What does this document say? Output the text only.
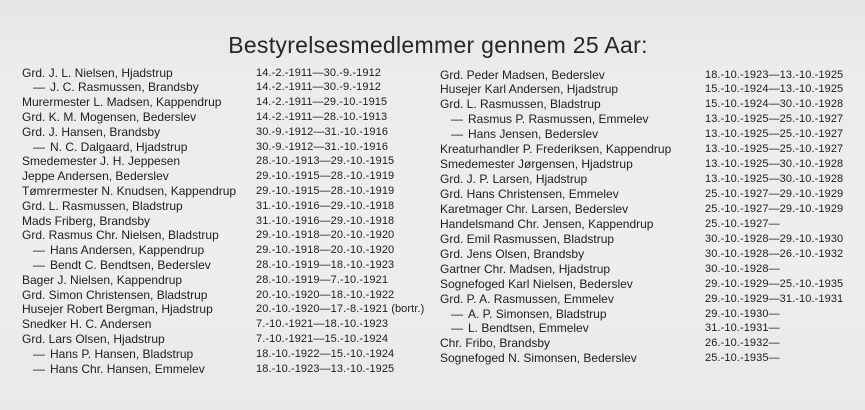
Bestyrelsesmedlemmer gennem 25 Aar:
Grd. J. L. Nielsen, Hjadstrup	14.-2.-1911—30.-9.-1912
— J. C. Rasmussen, Brandsby	14.-2.-1911—30.-9.-1912
Murermester L. Madsen, Kappendrup	14.-2.-1911—29.-10.-1915
Grd. K. M. Mogensen, Bederslev	14.-2.-1911—28.-10.-1913
Grd. J. Hansen, Brandsby	30.-9.-1912—31.-10.-1916
— N. C. Dalgaard, Hjadstrup	30.-9.-1912—31.-10.-1916
Smedemester J. H. Jeppesen	28.-10.-1913—29.-10.-1915
Jeppe Andersen, Bederslev	29.-10.-1915—28.-10.-1919
Tømrermester N. Knudsen, Kappendrup 29.-10.-1915—28.-10.-1919
Grd. L. Rasmussen, Bladstrup	31.-10.-1916—29.-10.-1918
Mads Friberg, Brandsby	31.-10.-1916—29.-10.-1918
Grd. Rasmus Chr. Nielsen, Bladstrup	29.-10.-1918—20.-10.-1920
— Hans Andersen, Kappendrup	29.-10.-1918—20.-10.-1920
— Bendt C. Bendtsen, Bederslev	28.-10.-1919—18.-10.-1923
Bager J. Nielsen, Kappendrup	28.-10.-1919—7.-10.-1921
Grd. Simon Christensen, Bladstrup	20.-10.-1920—18.-10.-1922
Husejer Robert Bergman, Hjadstrup	20.-10.-1920—17.-8.-1921 (bortr.)
Snedker H. C. Andersen	7.-10.-1921—18.-10.-1923
Grd. Lars Olsen, Hjadstrup	7.-10.-1921—15.-10.-1924
— Hans P. Hansen, Bladstrup	18.-10.-1922—15.-10.-1924
— Hans Chr. Hansen, Emmelev	18.-10.-1923—13.-10.-1925
Grd. Peder Madsen, Bederslev	18.-10.-1923—13.-10.-1925
Husejer Karl Andersen, Hjadstrup	15.-10.-1924—13.-10.-1925
Grd. L. Rasmussen, Bladstrup	15.-10.-1924—30.-10.-1928
— Rasmus P. Rasmussen, Emmelev	13.-10.-1925—25.-10.-1927
— Hans Jensen, Bederslev	13.-10.-1925—25.-10.-1927
Kreaturhandler P. Frederiksen, Kappendrup	13.-10.-1925—25.-10.-1927
Smedemester Jørgensen, Hjadstrup	13.-10.-1925—30.-10.-1928
Grd. J. P. Larsen, Hjadstrup	13.-10.-1925—30.-10.-1928
Grd. Hans Christensen, Emmelev	25.-10.-1927—29.-10.-1929
Karetmager Chr. Larsen, Bederslev	25.-10.-1927—29.-10.-1929
Handelsmand Chr. Jensen, Kappendrup	25.-10.-1927—
Grd. Emil Rasmussen, Bladstrup	30.-10.-1928—29.-10.-1930
Grd. Jens Olsen, Brandsby	30.-10.-1928—26.-10.-1932
Gartner Chr. Madsen, Hjadstrup	30.-10.-1928—
Sognefoged Karl Nielsen, Bederslev	29.-10.-1929—25.-10.-1935
Grd. P. A. Rasmussen, Emmelev	29.-10.-1929—31.-10.-1931
— A. P. Simonsen, Bladstrup	29.-10.-1930—
— L. Bendtsen, Emmelev	31.-10.-1931—
Chr. Fribo, Brandsby	26.-10.-1932—
Sognefoged N. Simonsen, Bederslev	25.-10.-1935—
